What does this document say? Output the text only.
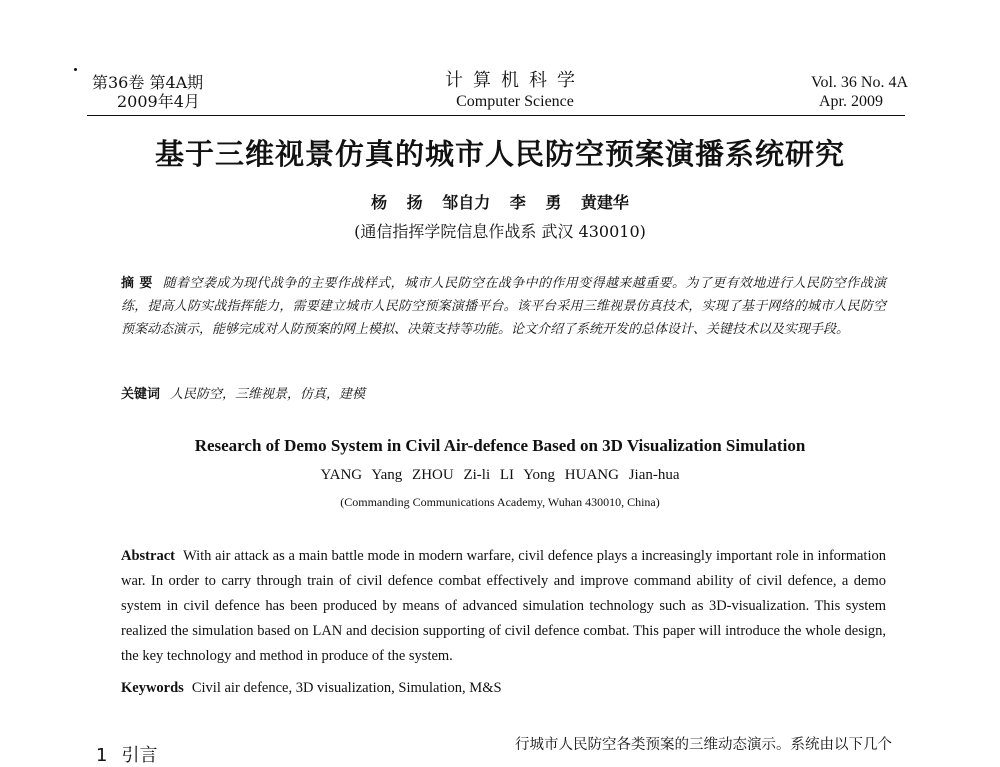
第36卷 第4A期
2009年4月
计算机科学
Computer Science
Vol. 36 No. 4A
Apr. 2009
基于三维视景仿真的城市人民防空预案演播系统研究
杨 扬 邹自力 李 勇 黄建华
(通信指挥学院信息作战系 武汉 430010)
摘 要 随着空袭成为现代战争的主要作战样式，城市人民防空在战争中的作用变得越来越重要。为了更有效地进行人民防空作战演练，提高人防实战指挥能力，需要建立城市人民防空预案演播平台。该平台采用三维视景仿真技术，实现了基于网络的城市人民防空预案动态演示，能够完成对人防预案的网上模拟、决策支持等功能。论文介绍了系统开发的总体设计、关键技术以及实现手段。
关键词 人民防空，三维视景，仿真，建模
Research of Demo System in Civil Air-defence Based on 3D Visualization Simulation
YANG Yang ZHOU Zi-li LI Yong HUANG Jian-hua
(Commanding Communications Academy, Wuhan 430010, China)
Abstract With air attack as a main battle mode in modern warfare, civil defence plays a increasingly important role in information war. In order to carry through train of civil defence combat effectively and improve command ability of civil defence, a demo system in civil defence has been produced by means of advanced simulation technology such as 3D-visualization. This system realized the simulation based on LAN and decision supporting of civil defence combat. This paper will introduce the whole design, the key technology and method in produce of the system.
Keywords Civil air defence, 3D visualization, Simulation, M&S
1 引言	行城市人民防空各类预案的三维动态演示。系统由以下几个
